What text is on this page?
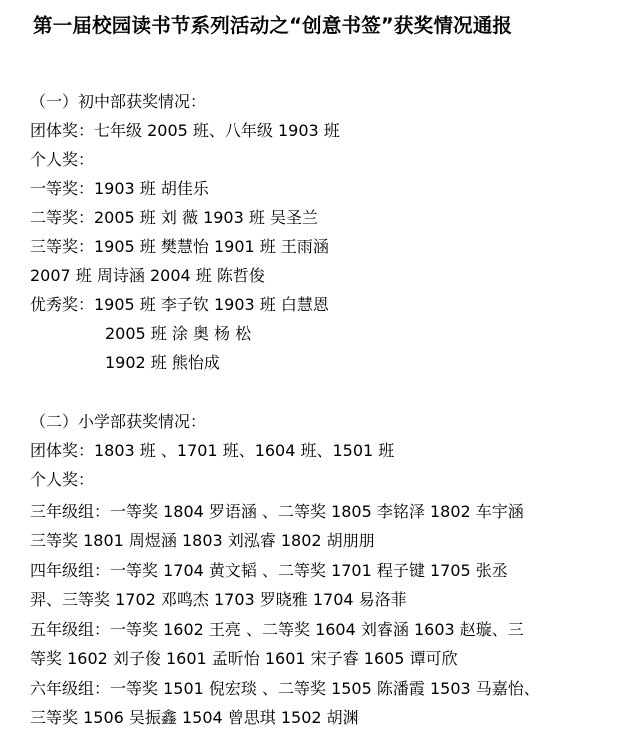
第一届校园读书节系列活动之“创意书签”获奖情况通报
（一）初中部获奖情况：
团体奖：七年级 2005 班、八年级 1903 班
个人奖：
一等奖：1903 班 胡佳乐
二等奖：2005 班 刘 薇 1903 班 吴圣兰
三等奖：1905 班 樊慧怡 1901 班 王雨涵
2007 班 周诗涵 2004 班 陈哲俊
优秀奖：1905 班 李子钦 1903 班 白慧恩
2005 班 涂 奥 杨 松
1902 班 熊怡成
（二）小学部获奖情况：
团体奖：1803 班 、1701 班、1604 班、1501 班
个人奖：
三年级组：一等奖 1804 罗语涵 、二等奖 1805 李铭泽 1802 车宇涵
三等奖 1801 周煜涵 1803 刘泓睿 1802 胡朋朋
四年级组：一等奖 1704 黄文韬 、二等奖 1701 程子键 1705 张丞
羿、三等奖 1702 邓鸣杰 1703 罗晓雅 1704 易洛菲
五年级组：一等奖 1602 王亮 、二等奖 1604 刘睿涵 1603 赵璇、三
等奖 1602 刘子俊 1601 孟昕怡 1601 宋子睿 1605 谭可欣
六年级组：一等奖 1501 倪宏琰 、二等奖 1505 陈潘霞 1503 马嘉怡、
三等奖 1506 吴振鑫 1504 曾思琪 1502 胡渊
